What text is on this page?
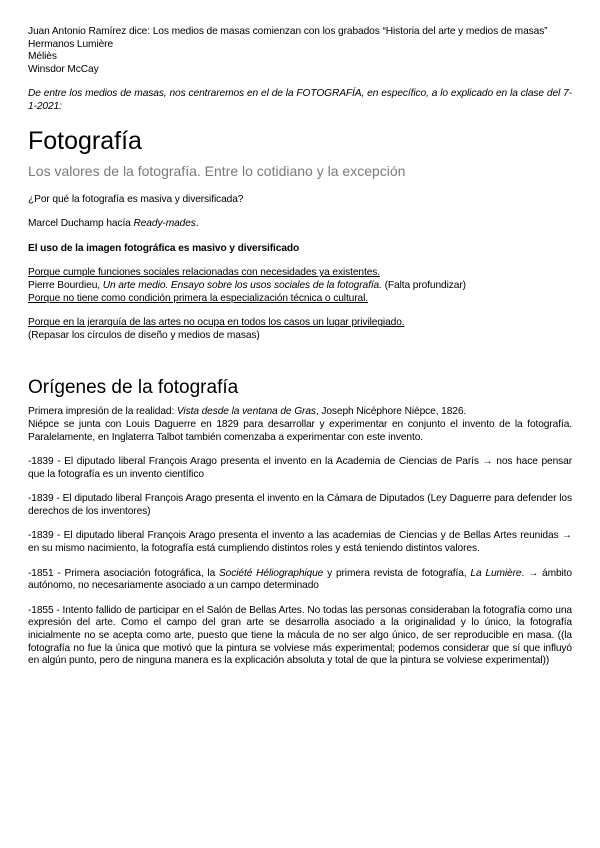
Juan Antonio Ramírez dice: Los medios de masas comienzan con los grabados “Historia del arte y medios de masas”

Hermanos Lumière

Méliès

Winsdor McCay

De entre los medios de masas, nos centraremos en el de la FOTOGRAFÍA, en específico, a lo explicado en la clase del 7-1-2021:

Fotografía

Los valores de la fotografía. Entre lo cotidiano y la excepción

¿Por qué la fotografía es masiva y diversificada?

Marcel Duchamp hacía Ready-mades.

El uso de la imagen fotográfica es masivo y diversificado

Porque cumple funciones sociales relacionadas con necesidades ya existentes.

Pierre Bourdieu, Un arte medio. Ensayo sobre los usos sociales de la fotografía. (Falta profundizar)

Porque no tiene como condición primera la especialización técnica o cultural.

Porque en la jerarquía de las artes no ocupa en todos los casos un lugar privilegiado.

(Repasar los círculos de diseño y medios de masas)

Orígenes de la fotografía

Primera impresión de la realidad: Vista desde la ventana de Gras, Joseph Nicéphore Niépce, 1826.

Niépce se junta con Louis Daguerre en 1829 para desarrollar y experimentar en conjunto el invento de la fotografía. Paralelamente, en Inglaterra Talbot también comenzaba a experimentar con este invento.

-1839 - El diputado liberal François Arago presenta el invento en la Academia de Ciencias de París → nos hace pensar que la fotografía es un invento científico

-1839 - El diputado liberal François Arago presenta el invento en la Cámara de Diputados (Ley Daguerre para defender los derechos de los inventores)

-1839 - El diputado liberal François Arago presenta el invento a las academias de Ciencias y de Bellas Artes reunidas → en su mismo nacimiento, la fotografía está cumpliendo distintos roles y está teniendo distintos valores.

-1851 - Primera asociación fotográfica, la Société Héliographique y primera revista de fotografía, La Lumière. → ámbito autónomo, no necesariamente asociado a un campo determinado

-1855 - Intento fallido de participar en el Salón de Bellas Artes. No todas las personas consideraban la fotografía como una expresión del arte. Como el campo del gran arte se desarrolla asociado a la originalidad y lo único, la fotografía inicialmente no se acepta como arte, puesto que tiene la mácula de no ser algo único, de ser reproducible en masa. ((la fotografía no fue la única que motivó que la pintura se volviese más experimental; podemos considerar que sí que influyó en algún punto, pero de ninguna manera es la explicación absoluta y total de que la pintura se volviese experimental))
